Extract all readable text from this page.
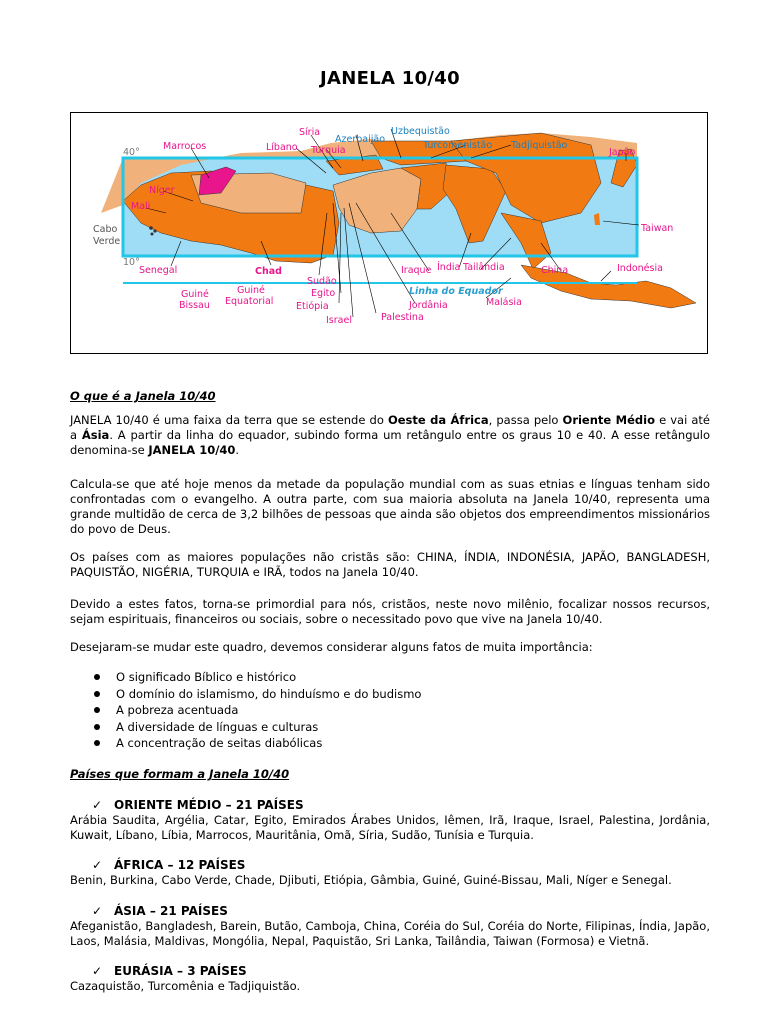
JANELA 10/40
Marrocos
Síria
Azerbaijão
Uzbequistão
Líbano Turquia	Turcomenistão Tadjiquistão
Japão
Níger
Mali
Cabo
Verde
Taiwan
Senegal	Chad
Sudão
Iraque Índia Tailândia	China	Indonésia
Guiné
Bissau
Guiné
Equatorial
Egito
Etiópia
Israel	Palestina
Jordânia	Malásia
Linha do Equador
40°
10°

O que é a Janela 10/40

JANELA 10/40 é uma faixa da terra que se estende do Oeste da África, passa pelo Oriente Médio e vai até a Ásia. A partir da linha do equador, subindo forma um retângulo entre os graus 10 e 40. A esse retângulo denomina-se JANELA 10/40.

Calcula-se que até hoje menos da metade da população mundial com as suas etnias e línguas tenham sido confrontadas com o evangelho. A outra parte, com sua maioria absoluta na Janela 10/40, representa uma grande multidão de cerca de 3,2 bilhões de pessoas que ainda são objetos dos empreendimentos missionários do povo de Deus.

Os países com as maiores populações não cristãs são: CHINA, ÍNDIA, INDONÉSIA, JAPÃO, BANGLADESH, PAQUISTÃO, NIGÉRIA, TURQUIA e IRÃ, todos na Janela 10/40.

Devido a estes fatos, torna-se primordial para nós, cristãos, neste novo milênio, focalizar nossos recursos, sejam espirituais, financeiros ou sociais, sobre o necessitado povo que vive na Janela 10/40.

Desejaram-se mudar este quadro, devemos considerar alguns fatos de muita importância:

O significado Bíblico e histórico
O domínio do islamismo, do hinduísmo e do budismo
A pobreza acentuada
A diversidade de línguas e culturas
A concentração de seitas diabólicas

Países que formam a Janela 10/40

✓ ORIENTE MÉDIO – 21 PAÍSES
Arábia Saudita, Argélia, Catar, Egito, Emirados Árabes Unidos, Iêmen, Irã, Iraque, Israel, Palestina, Jordânia, Kuwait, Líbano, Líbia, Marrocos, Mauritânia, Omã, Síria, Sudão, Tunísia e Turquia.
✓ ÁFRICA – 12 PAÍSES
Benin, Burkina, Cabo Verde, Chade, Djibuti, Etiópia, Gâmbia, Guiné, Guiné-Bissau, Mali, Níger e Senegal.
✓ ÁSIA – 21 PAÍSES
Afeganistão, Bangladesh, Barein, Butão, Camboja, China, Coréia do Sul, Coréia do Norte, Filipinas, Índia, Japão, Laos, Malásia, Maldivas, Mongólia, Nepal, Paquistão, Sri Lanka, Tailândia, Taiwan (Formosa) e Vietnã.
✓ EURÁSIA – 3 PAÍSES
Cazaquistão, Turcomênia e Tadjiquistão.
